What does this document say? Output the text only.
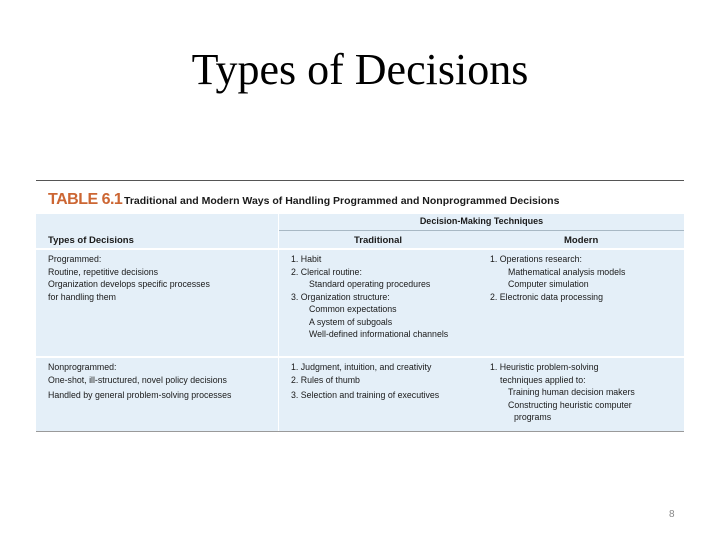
Types of Decisions
TABLE 6.1 Traditional and Modern Ways of Handling Programmed and Nonprogrammed Decisions
Decision-Making Techniques
Types of Decisions	Traditional	Modern
Programmed:
Routine, repetitive decisions
Organization develops specific processes
for handling them
1. Habit
2. Clerical routine:
Standard operating procedures
3. Organization structure:
Common expectations
A system of subgoals
Well-defined informational channels
1. Operations research:
Mathematical analysis models
Computer simulation
2. Electronic data processing
Nonprogrammed:
One-shot, ill-structured, novel policy decisions
Handled by general problem-solving processes
1. Judgment, intuition, and creativity
2. Rules of thumb
3. Selection and training of executives
1. Heuristic problem-solving
techniques applied to:
Training human decision makers
Constructing heuristic computer
programs
8
